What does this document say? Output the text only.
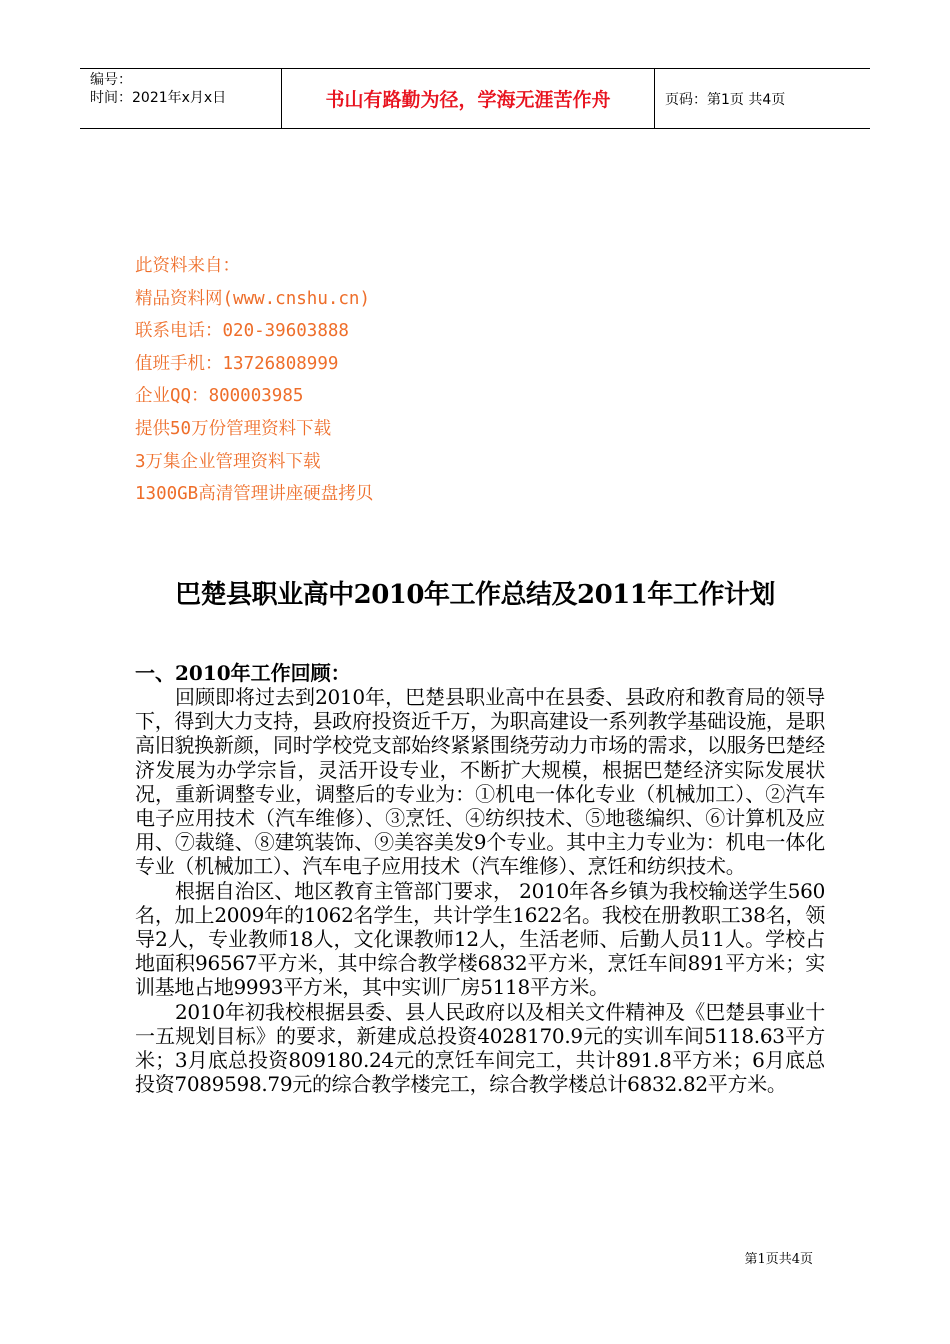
编号：
时间：2021年x月x日	书山有路勤为径，学海无涯苦作舟	页码：第1页 共4页
此资料来自：
精品资料网(www.cnshu.cn)
联系电话：020-39603888
值班手机：13726808999
企业QQ：800003985
提供50万份管理资料下载
3万集企业管理资料下载
1300GB高清管理讲座硬盘拷贝
巴楚县职业高中2010年工作总结及2011年工作计划
一、2010年工作回顾：

回顾即将过去到2010年，巴楚县职业高中在县委、县政府和教育局的领导下，得到大力支持，县政府投资近千万，为职高建设一系列教学基础设施，是职高旧貌换新颜，同时学校党支部始终紧紧围绕劳动力市场的需求，以服务巴楚经济发展为办学宗旨，灵活开设专业，不断扩大规模，根据巴楚经济实际发展状况，重新调整专业，调整后的专业为：①机电一体化专业（机械加工）、②汽车电子应用技术（汽车维修）、③烹饪、④纺织技术、⑤地毯编织、⑥计算机及应用、⑦裁缝、⑧建筑装饰、⑨美容美发9个专业。其中主力专业为：机电一体化专业（机械加工）、汽车电子应用技术（汽车维修）、烹饪和纺织技术。

根据自治区、地区教育主管部门要求， 2010年各乡镇为我校输送学生560名，加上2009年的1062名学生，共计学生1622名。我校在册教职工38名，领导2人，专业教师18人，文化课教师12人，生活老师、后勤人员11人。学校占地面积96567平方米，其中综合教学楼6832平方米，烹饪车间891平方米；实训基地占地9993平方米，其中实训厂房5118平方米。

2010年初我校根据县委、县人民政府以及相关文件精神及《巴楚县事业十一五规划目标》的要求，新建成总投资4028170.9元的实训车间5118.63平方米；3月底总投资809180.24元的烹饪车间完工，共计891.8平方米；6月底总投资7089598.79元的综合教学楼完工，综合教学楼总计6832.82平方米。

第1页共4页
